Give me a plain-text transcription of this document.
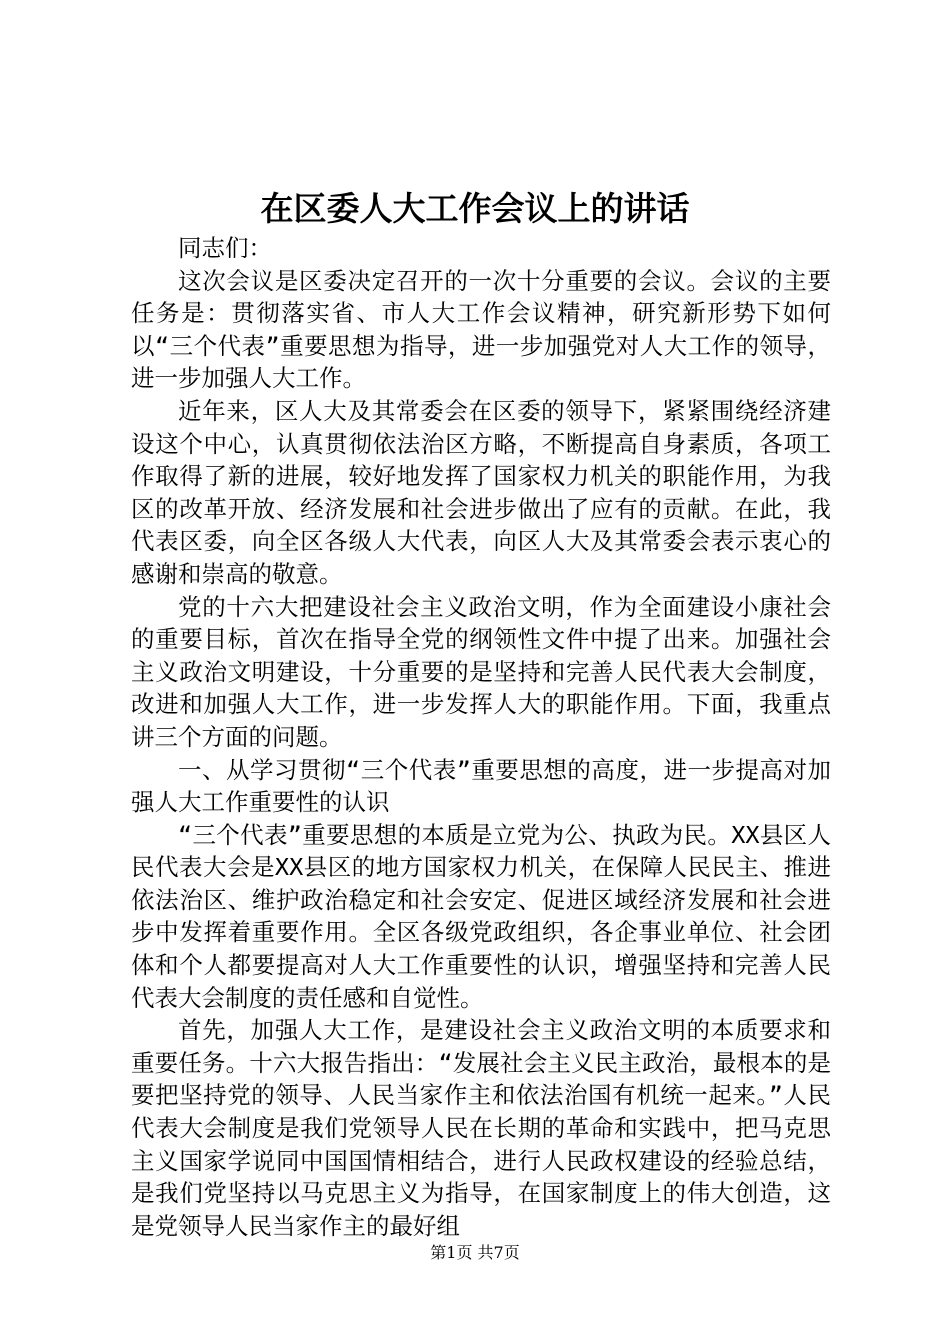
在区委人大工作会议上的讲话

同志们：

这次会议是区委决定召开的一次十分重要的会议。会议的主要任务是：贯彻落实省、市人大工作会议精神，研究新形势下如何以“三个代表”重要思想为指导，进一步加强党对人大工作的领导，进一步加强人大工作。

近年来，区人大及其常委会在区委的领导下，紧紧围绕经济建设这个中心，认真贯彻依法治区方略，不断提高自身素质，各项工作取得了新的进展，较好地发挥了国家权力机关的职能作用，为我区的改革开放、经济发展和社会进步做出了应有的贡献。在此，我代表区委，向全区各级人大代表，向区人大及其常委会表示衷心的感谢和崇高的敬意。

党的十六大把建设社会主义政治文明，作为全面建设小康社会的重要目标，首次在指导全党的纲领性文件中提了出来。加强社会主义政治文明建设，十分重要的是坚持和完善人民代表大会制度，改进和加强人大工作，进一步发挥人大的职能作用。下面，我重点讲三个方面的问题。

一、从学习贯彻“三个代表”重要思想的高度，进一步提高对加强人大工作重要性的认识

“三个代表”重要思想的本质是立党为公、执政为民。XX县区人民代表大会是XX县区的地方国家权力机关，在保障人民民主、推进依法治区、维护政治稳定和社会安定、促进区域经济发展和社会进步中发挥着重要作用。全区各级党政组织，各企事业单位、社会团体和个人都要提高对人大工作重要性的认识，增强坚持和完善人民代表大会制度的责任感和自觉性。

首先，加强人大工作，是建设社会主义政治文明的本质要求和重要任务。十六大报告指出：“发展社会主义民主政治，最根本的是要把坚持党的领导、人民当家作主和依法治国有机统一起来。”人民代表大会制度是我们党领导人民在长期的革命和实践中，把马克思主义国家学说同中国国情相结合，进行人民政权建设的经验总结，是我们党坚持以马克思主义为指导，在国家制度上的伟大创造，这是党领导人民当家作主的最好组

第1页 共7页
